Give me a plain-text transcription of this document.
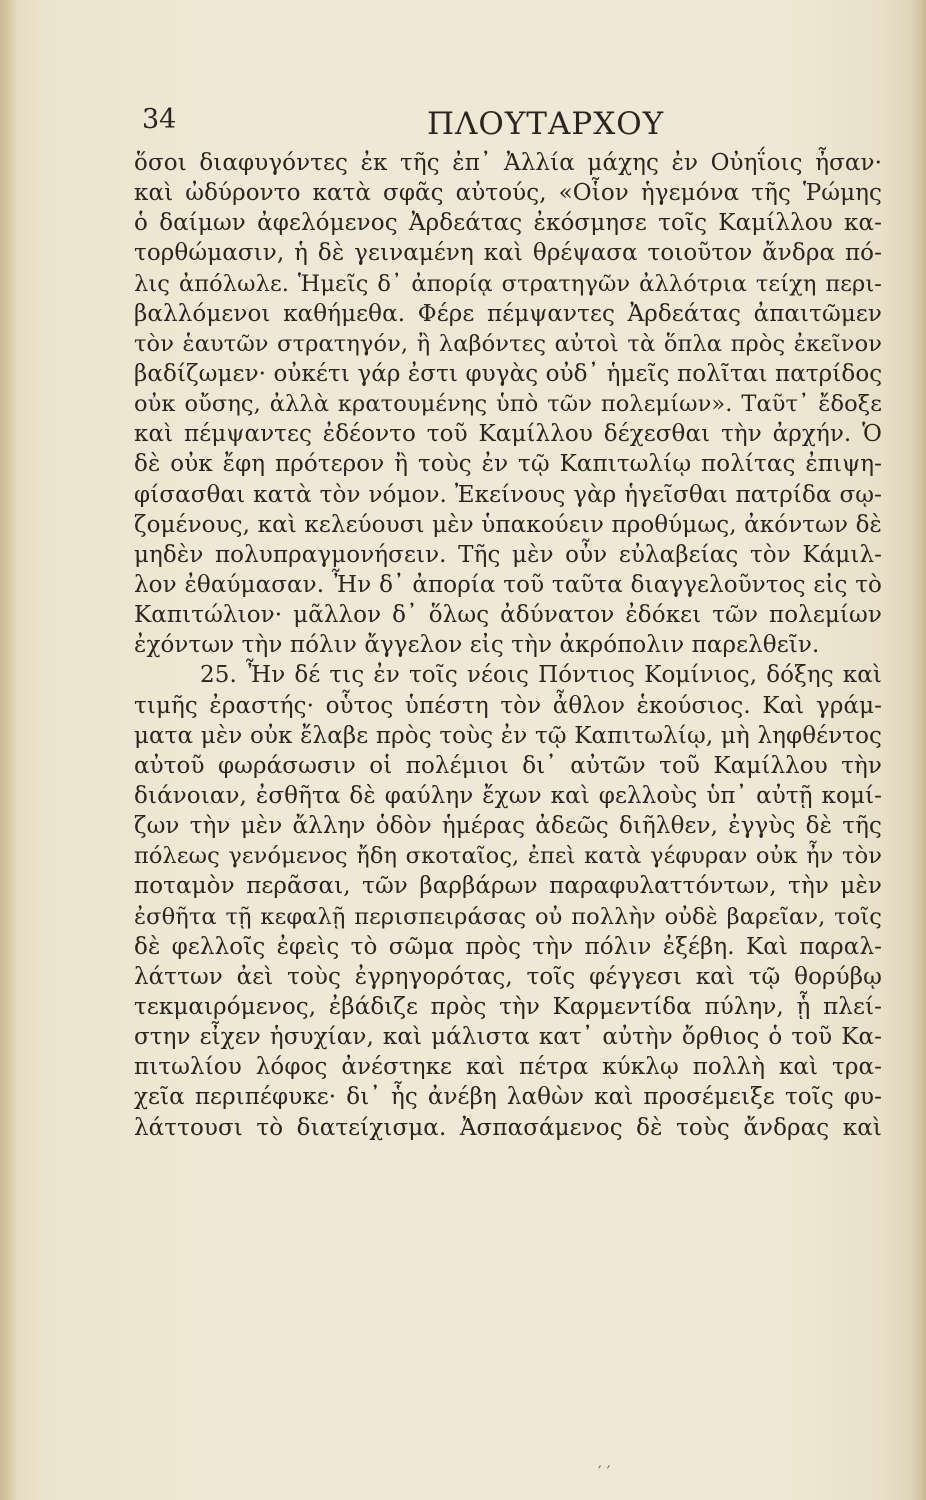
34	ΠΛΟΥΤΑΡΧΟΥ
ὅσοι διαφυγόντες ἐκ τῆς ἐπ᾽ Ἀλλία μάχης ἐν Οὐηΐοις ἦσαν·
καὶ ὠδύροντο κατὰ σφᾶς αὐτούς, «Οἷον ἡγεμόνα τῆς Ῥώμης
ὁ δαίμων ἀφελόμενος Ἀρδεάτας ἐκόσμησε τοῖς Καμίλλου κα-
τορθώμασιν, ἡ δὲ γειναμένη καὶ θρέψασα τοιοῦτον ἄνδρα πό-
λις ἀπόλωλε. Ἡμεῖς δ᾽ ἀπορίᾳ στρατηγῶν ἀλλότρια τείχη περι-
βαλλόμενοι καθήμεθα. Φέρε πέμψαντες Ἀρδεάτας ἀπαιτῶμεν
τὸν ἑαυτῶν στρατηγόν, ἢ λαβόντες αὐτοὶ τὰ ὅπλα πρὸς ἐκεῖνον
βαδίζωμεν· οὐκέτι γάρ ἐστι φυγὰς οὐδ᾽ ἡμεῖς πολῖται πατρίδος
οὐκ οὔσης, ἀλλὰ κρατουμένης ὑπὸ τῶν πολεμίων». Ταῦτ᾽ ἔδοξε
καὶ πέμψαντες ἐδέοντο τοῦ Καμίλλου δέχεσθαι τὴν ἀρχήν. Ὁ
δὲ οὐκ ἔφη πρότερον ἢ τοὺς ἐν τῷ Καπιτωλίῳ πολίτας ἐπιψη-
φίσασθαι κατὰ τὸν νόμον. Ἐκείνους γὰρ ἡγεῖσθαι πατρίδα σῳ-
ζομένους, καὶ κελεύουσι μὲν ὑπακούειν προθύμως, ἀκόντων δὲ
μηδὲν πολυπραγμονήσειν. Τῆς μὲν οὖν εὐλαβείας τὸν Κάμιλ-
λον ἐθαύμασαν. Ἦν δ᾽ ἀπορία τοῦ ταῦτα διαγγελοῦντος εἰς τὸ
Καπιτώλιον· μᾶλλον δ᾽ ὅλως ἀδύνατον ἐδόκει τῶν πολεμίων
ἐχόντων τὴν πόλιν ἄγγελον εἰς τὴν ἀκρόπολιν παρελθεῖν.
25. Ἦν δέ τις ἐν τοῖς νέοις Πόντιος Κομίνιος, δόξης καὶ
τιμῆς ἐραστής· οὗτος ὑπέστη τὸν ἆθλον ἑκούσιος. Καὶ γράμ-
ματα μὲν οὐκ ἔλαβε πρὸς τοὺς ἐν τῷ Καπιτωλίῳ, μὴ ληφθέντος
αὐτοῦ φωράσωσιν οἱ πολέμιοι δι᾽ αὐτῶν τοῦ Καμίλλου τὴν
διάνοιαν, ἐσθῆτα δὲ φαύλην ἔχων καὶ φελλοὺς ὑπ᾽ αὐτῇ κομί-
ζων τὴν μὲν ἄλλην ὁδὸν ἡμέρας ἀδεῶς διῆλθεν, ἐγγὺς δὲ τῆς
πόλεως γενόμενος ἤδη σκοταῖος, ἐπεὶ κατὰ γέφυραν οὐκ ἦν τὸν
ποταμὸν περᾶσαι, τῶν βαρβάρων παραφυλαττόντων, τὴν μὲν
ἐσθῆτα τῇ κεφαλῇ περισπειράσας οὐ πολλὴν οὐδὲ βαρεῖαν, τοῖς
δὲ φελλοῖς ἐφεὶς τὸ σῶμα πρὸς τὴν πόλιν ἐξέβη. Καὶ παραλ-
λάττων ἀεὶ τοὺς ἐγρηγορότας, τοῖς φέγγεσι καὶ τῷ θορύβῳ
τεκμαιρόμενος, ἐβάδιζε πρὸς τὴν Καρμεντίδα πύλην, ᾗ πλεί-
στην εἶχεν ἡσυχίαν, καὶ μάλιστα κατ᾽ αὐτὴν ὄρθιος ὁ τοῦ Κα-
πιτωλίου λόφος ἀνέστηκε καὶ πέτρα κύκλῳ πολλὴ καὶ τρα-
χεῖα περιπέφυκε· δι᾽ ἧς ἀνέβη λαθὼν καὶ προσέμειξε τοῖς φυ-
λάττουσι τὸ διατείχισμα. Ἀσπασάμενος δὲ τοὺς ἄνδρας καὶ
′ ′
